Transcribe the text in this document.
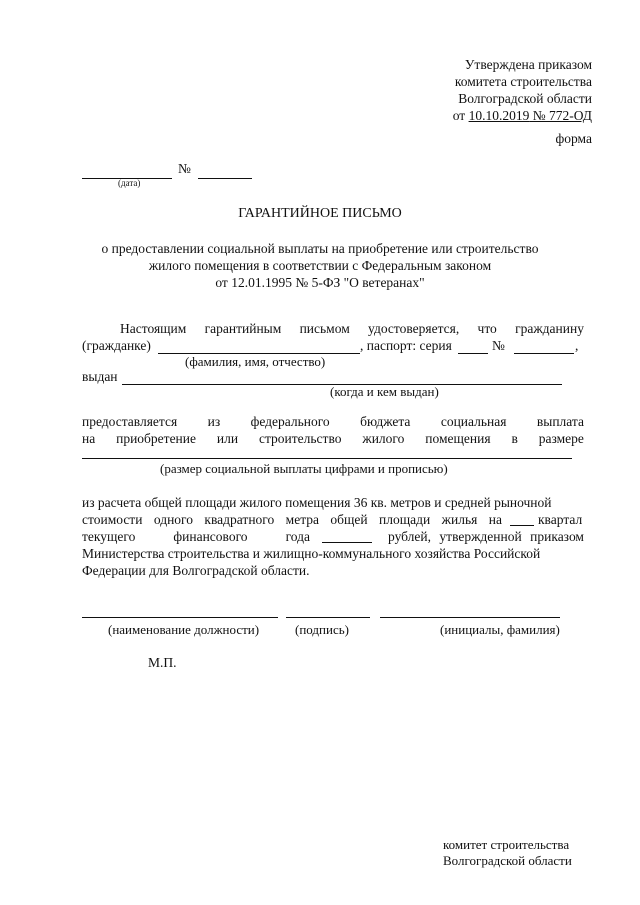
Утверждена приказом
комитета строительства
Волгоградской области
от 10.10.2019 № 772-ОД
форма
№
(дата)
ГАРАНТИЙНОЕ ПИСЬМО
о предоставлении социальной выплаты на приобретение или строительство
жилого помещения в соответствии с Федеральным законом
от 12.01.1995 № 5-ФЗ "О ветеранах"
Настоящим гарантийным письмом удостоверяется, что гражданину
(гражданке)	, паспорт: серия	№	,
(фамилия, имя, отчество)
выдан
(когда и кем выдан)
предоставляется из федерального бюджета социальная выплата
на приобретение или строительство жилого помещения в размере
(размер социальной выплаты цифрами и прописью)
из расчета общей площади жилого помещения 36 кв. метров и средней рыночной
стоимости одного квадратного метра общей площади жилья на	квартал
текущего	финансового	года	рублей, утвержденной приказом
Министерства строительства и жилищно-коммунального хозяйства Российской
Федерации для Волгоградской области.
(наименование должности)	(подпись)	(инициалы, фамилия)
М.П.
комитет строительства
Волгоградской области
